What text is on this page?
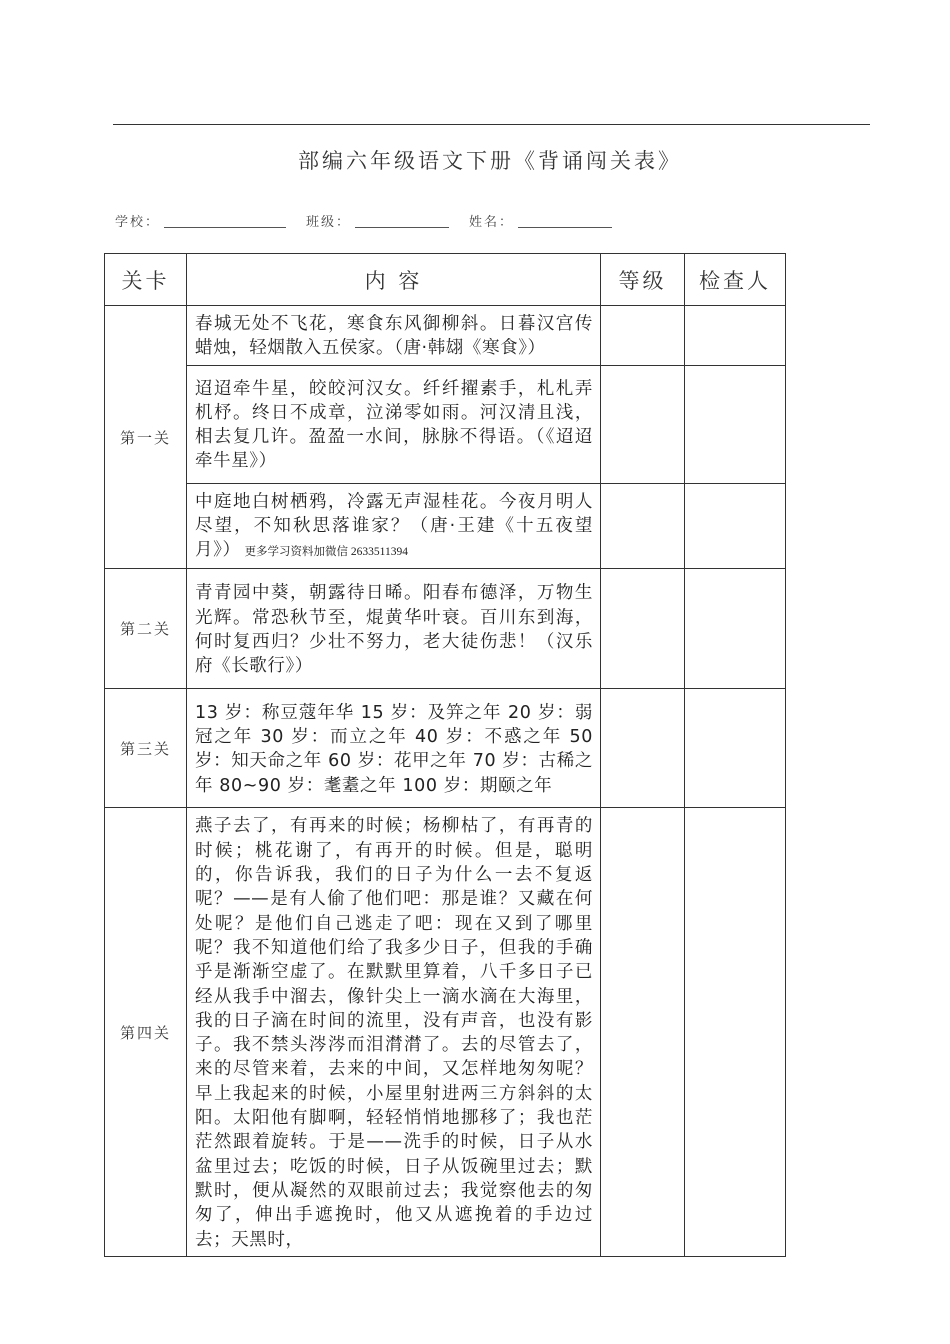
部编六年级语文下册《背诵闯关表》
学校：	班级：	姓名：
关卡	内 容	等级	检查人
第一关	春城无处不飞花，寒食东风御柳斜。日暮汉宫传蜡烛，轻烟散入五侯家。（唐·韩翃《寒食》）		
	迢迢牵牛星，皎皎河汉女。纤纤擢素手，札札弄机杼。终日不成章，泣涕零如雨。河汉清且浅，相去复几许。盈盈一水间，脉脉不得语。（《迢迢牵牛星》）		
	中庭地白树栖鸦，冷露无声湿桂花。今夜月明人尽望，不知秋思落谁家？（唐·王建《十五夜望月》） 更多学习资料加微信 2633511394		
第二关	青青园中葵，朝露待日晞。阳春布德泽，万物生光辉。常恐秋节至，焜黄华叶衰。百川东到海，何时复西归？少壮不努力，老大徒伤悲！（汉乐府《长歌行》）		
第三关	13 岁：称豆蔻年华 15 岁：及笄之年 20 岁：弱冠之年 30 岁：而立之年 40 岁：不惑之年 50 岁：知天命之年 60 岁：花甲之年 70 岁：古稀之年 80~90 岁：耄耋之年 100 岁：期颐之年		
第四关	燕子去了，有再来的时候；杨柳枯了，有再青的时候；桃花谢了，有再开的时候。但是，聪明的，你告诉我，我们的日子为什么一去不复返呢？——是有人偷了他们吧：那是谁？又藏在何处呢？是他们自己逃走了吧：现在又到了哪里呢？我不知道他们给了我多少日子，但我的手确乎是渐渐空虚了。在默默里算着，八千多日子已经从我手中溜去，像针尖上一滴水滴在大海里，我的日子滴在时间的流里，没有声音，也没有影子。我不禁头涔涔而泪潸潸了。去的尽管去了，来的尽管来着，去来的中间，又怎样地匆匆呢？早上我起来的时候，小屋里射进两三方斜斜的太阳。太阳他有脚啊，轻轻悄悄地挪移了；我也茫茫然跟着旋转。于是——洗手的时候，日子从水盆里过去；吃饭的时候，日子从饭碗里过去；默默时，便从凝然的双眼前过去；我觉察他去的匆匆了，伸出手遮挽时，他又从遮挽着的手边过去；天黑时，		
